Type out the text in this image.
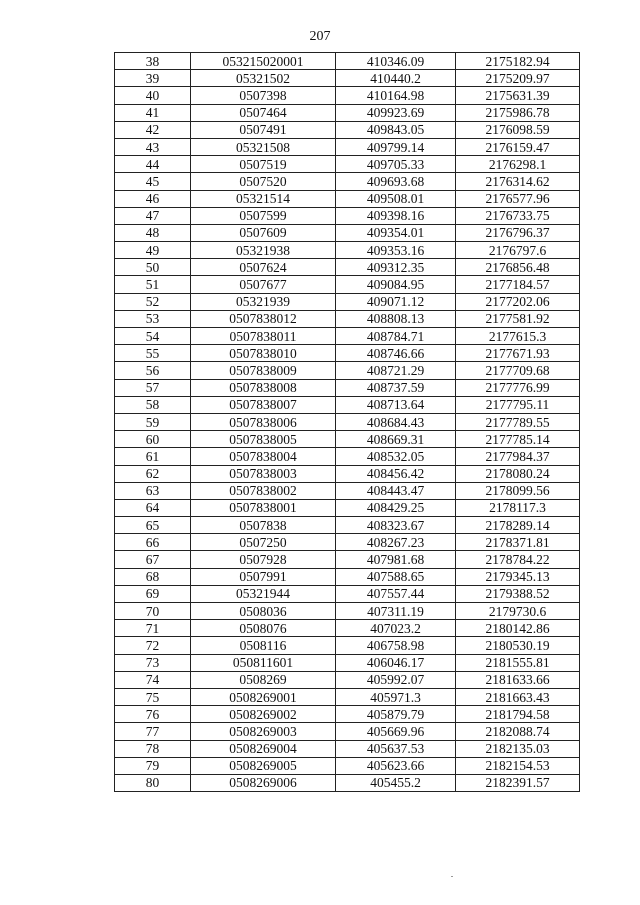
207
38	053215020001	410346.09	2175182.94
39	05321502	410440.2	2175209.97
40	0507398	410164.98	2175631.39
41	0507464	409923.69	2175986.78
42	0507491	409843.05	2176098.59
43	05321508	409799.14	2176159.47
44	0507519	409705.33	2176298.1
45	0507520	409693.68	2176314.62
46	05321514	409508.01	2176577.96
47	0507599	409398.16	2176733.75
48	0507609	409354.01	2176796.37
49	05321938	409353.16	2176797.6
50	0507624	409312.35	2176856.48
51	0507677	409084.95	2177184.57
52	05321939	409071.12	2177202.06
53	0507838012	408808.13	2177581.92
54	0507838011	408784.71	2177615.3
55	0507838010	408746.66	2177671.93
56	0507838009	408721.29	2177709.68
57	0507838008	408737.59	2177776.99
58	0507838007	408713.64	2177795.11
59	0507838006	408684.43	2177789.55
60	0507838005	408669.31	2177785.14
61	0507838004	408532.05	2177984.37
62	0507838003	408456.42	2178080.24
63	0507838002	408443.47	2178099.56
64	0507838001	408429.25	2178117.3
65	0507838	408323.67	2178289.14
66	0507250	408267.23	2178371.81
67	0507928	407981.68	2178784.22
68	0507991	407588.65	2179345.13
69	05321944	407557.44	2179388.52
70	0508036	407311.19	2179730.6
71	0508076	407023.2	2180142.86
72	0508116	406758.98	2180530.19
73	050811601	406046.17	2181555.81
74	0508269	405992.07	2181633.66
75	0508269001	405971.3	2181663.43
76	0508269002	405879.79	2181794.58
77	0508269003	405669.96	2182088.74
78	0508269004	405637.53	2182135.03
79	0508269005	405623.66	2182154.53
80	0508269006	405455.2	2182391.57
